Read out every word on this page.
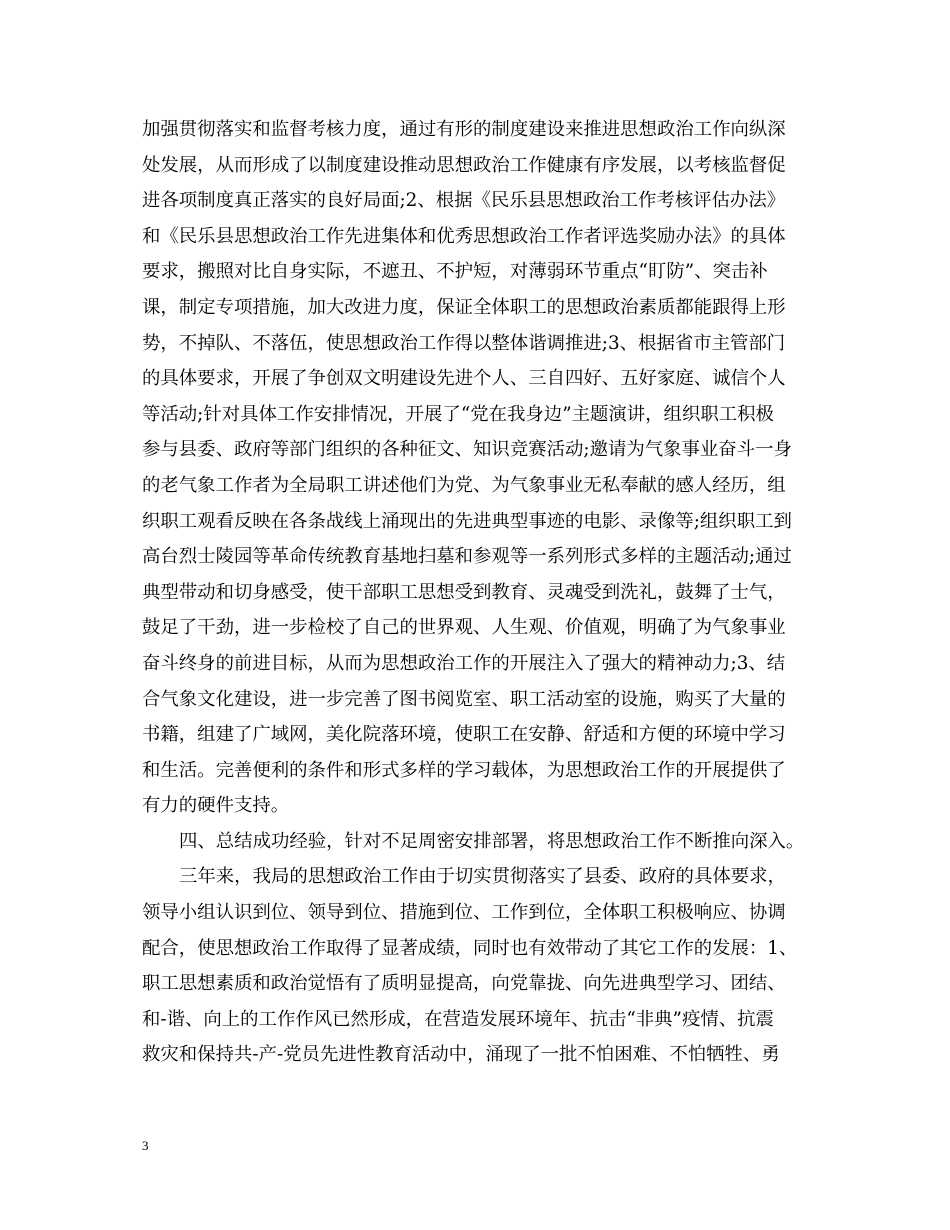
加强贯彻落实和监督考核力度，通过有形的制度建设来推进思想政治工作向纵深
处发展，从而形成了以制度建设推动思想政治工作健康有序发展，以考核监督促
进各项制度真正落实的良好局面;2、根据《民乐县思想政治工作考核评估办法》
和《民乐县思想政治工作先进集体和优秀思想政治工作者评选奖励办法》的具体
要求，搬照对比自身实际，不遮丑、不护短，对薄弱环节重点“盯防”、突击补
课，制定专项措施，加大改进力度，保证全体职工的思想政治素质都能跟得上形
势，不掉队、不落伍，使思想政治工作得以整体谐调推进;3、根据省市主管部门
的具体要求，开展了争创双文明建设先进个人、三自四好、五好家庭、诚信个人
等活动;针对具体工作安排情况，开展了“党在我身边”主题演讲，组织职工积极
参与县委、政府等部门组织的各种征文、知识竞赛活动;邀请为气象事业奋斗一身
的老气象工作者为全局职工讲述他们为党、为气象事业无私奉献的感人经历，组
织职工观看反映在各条战线上涌现出的先进典型事迹的电影、录像等;组织职工到
高台烈士陵园等革命传统教育基地扫墓和参观等一系列形式多样的主题活动;通过
典型带动和切身感受，使干部职工思想受到教育、灵魂受到洗礼，鼓舞了士气，
鼓足了干劲，进一步检校了自己的世界观、人生观、价值观，明确了为气象事业
奋斗终身的前进目标，从而为思想政治工作的开展注入了强大的精神动力;3、结
合气象文化建设，进一步完善了图书阅览室、职工活动室的设施，购买了大量的
书籍，组建了广域网，美化院落环境，使职工在安静、舒适和方便的环境中学习
和生活。完善便利的条件和形式多样的学习载体，为思想政治工作的开展提供了
有力的硬件支持。
四、总结成功经验，针对不足周密安排部署，将思想政治工作不断推向深入。
三年来，我局的思想政治工作由于切实贯彻落实了县委、政府的具体要求，
领导小组认识到位、领导到位、措施到位、工作到位，全体职工积极响应、协调
配合，使思想政治工作取得了显著成绩，同时也有效带动了其它工作的发展：1、
职工思想素质和政治觉悟有了质明显提高，向党靠拢、向先进典型学习、团结、
和-谐、向上的工作作风已然形成，在营造发展环境年、抗击“非典”疫情、抗震
救灾和保持共-产-党员先进性教育活动中，涌现了一批不怕困难、不怕牺牲、勇
3
